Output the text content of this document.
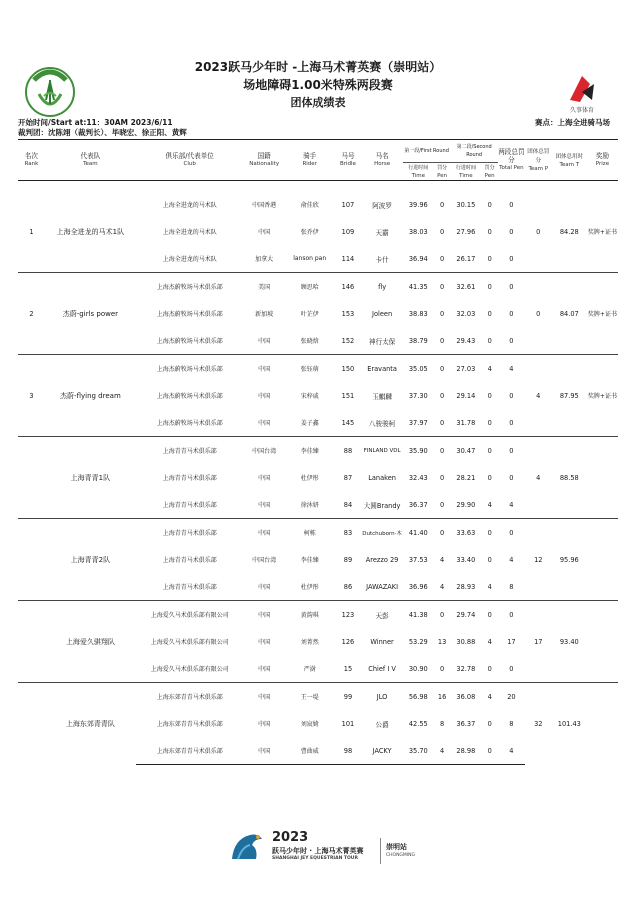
久事体育
2023跃马少年时 -上海马术菁英赛（崇明站）
场地障碍1.00米特殊两段赛
团体成绩表
开始时间/Start at:11：30AM 2023/6/11
裁判团：沈陈翊（裁判长）、毕晓宏、徐正阳、黄辉
赛点：上海全进骑马场
名次
Rank	代表队
Team	俱乐部/代表单位
Club	国籍
Nationality	骑手
Rider	马号
Bridle	马名
Horse	第一段/First Round		第二段/Second Round		两段总罚分
Total Pen	团体总罚分
Team P	团体总用时
Team T	奖励
Prize

							行进时间
Time	罚分
Pen	行进时间
Time	罚分
Pen				

1	上海全进龙的马术1队	上海全进龙的马术队	中国香港	俞佳欣	107	阿波罗	39.96	0	30.15	0	0	0	84.28	奖牌+证书
		上海全进龙的马术队	中国	张乔伊	109	天霸	38.03	0	27.96	0	0			
		上海全进龙的马术队	加拿大	lanson pan	114	卡什	36.94	0	26.17	0	0			
2	杰蔚-girls power	上海杰蔚牧场马术俱乐部	美国	顾思哈	146	fly	41.35	0	32.61	0	0	0	84.07	奖牌+证书
		上海杰蔚牧场马术俱乐部	新加坡	叶芷伊	153	Joleen	38.83	0	32.03	0	0			
		上海杰蔚牧场马术俱乐部	中国	张晓焓	152	神行太保	38.79	0	29.43	0	0			
3	杰蔚-flying dream	上海杰蔚牧场马术俱乐部	中国	张钰萌	150	Eravanta	35.05	0	27.03	4	4	4	87.95	奖牌+证书
		上海杰蔚牧场马术俱乐部	中国	宋梓戚	151	玉麒麟	37.30	0	29.14	0	0			
		上海杰蔚牧场马术俱乐部	中国	姜子鑫	145	八骏骏柯	37.97	0	31.78	0	0			
	上海青青1队	上海青青马术俱乐部	中国台湾	李佳臻	88	FINLAND VDL	35.90	0	30.47	0	0	4	88.58	
		上海青青马术俱乐部	中国	杜伊彤	87	Lanaken	32.43	0	28.21	0	0			
		上海青青马术俱乐部	中国	徐沐妍	84	大圆Brandy	36.37	0	29.90	4	4			
	上海青青2队	上海青青马术俱乐部	中国	柯栋	83	Dutchuborn·木	41.40	0	33.63	0	0	12	95.96	
		上海青青马术俱乐部	中国台湾	李佳臻	89	Arezzo 29	37.53	4	33.40	0	4			
		上海青青马术俱乐部	中国	杜伊彤	86	JAWAZAKI	36.96	4	28.93	4	8			
	上海爱久骐翔队	上海爱久马术俱乐部有限公司	中国	黄韵琪	123	天彭	41.38	0	29.74	0	0	17	93.40	
		上海爱久马术俱乐部有限公司	中国	刘菁然	126	Winner	53.29	13	30.88	4	17			
		上海爱久马术俱乐部有限公司	中国	严澍	15	Chief I V	30.90	0	32.78	0	0			
	上海东郊青青队	上海东郊青青马术俱乐部	中国	王一堤	99	JLO	56.98	16	36.08	4	20	32	101.43	
		上海东郊青青马术俱乐部	中国	刘宸婍	101	公爵	42.55	8	36.37	0	8			
		上海东郊青青马术俱乐部	中国	曹曲威	98	JACKY	35.70	4	28.98	0	4			
2023
跃马少年时 · 上海马术菁英赛
SHANGHAI JEY EQUESTRIAN TOUR
崇明站
CHONGMING
